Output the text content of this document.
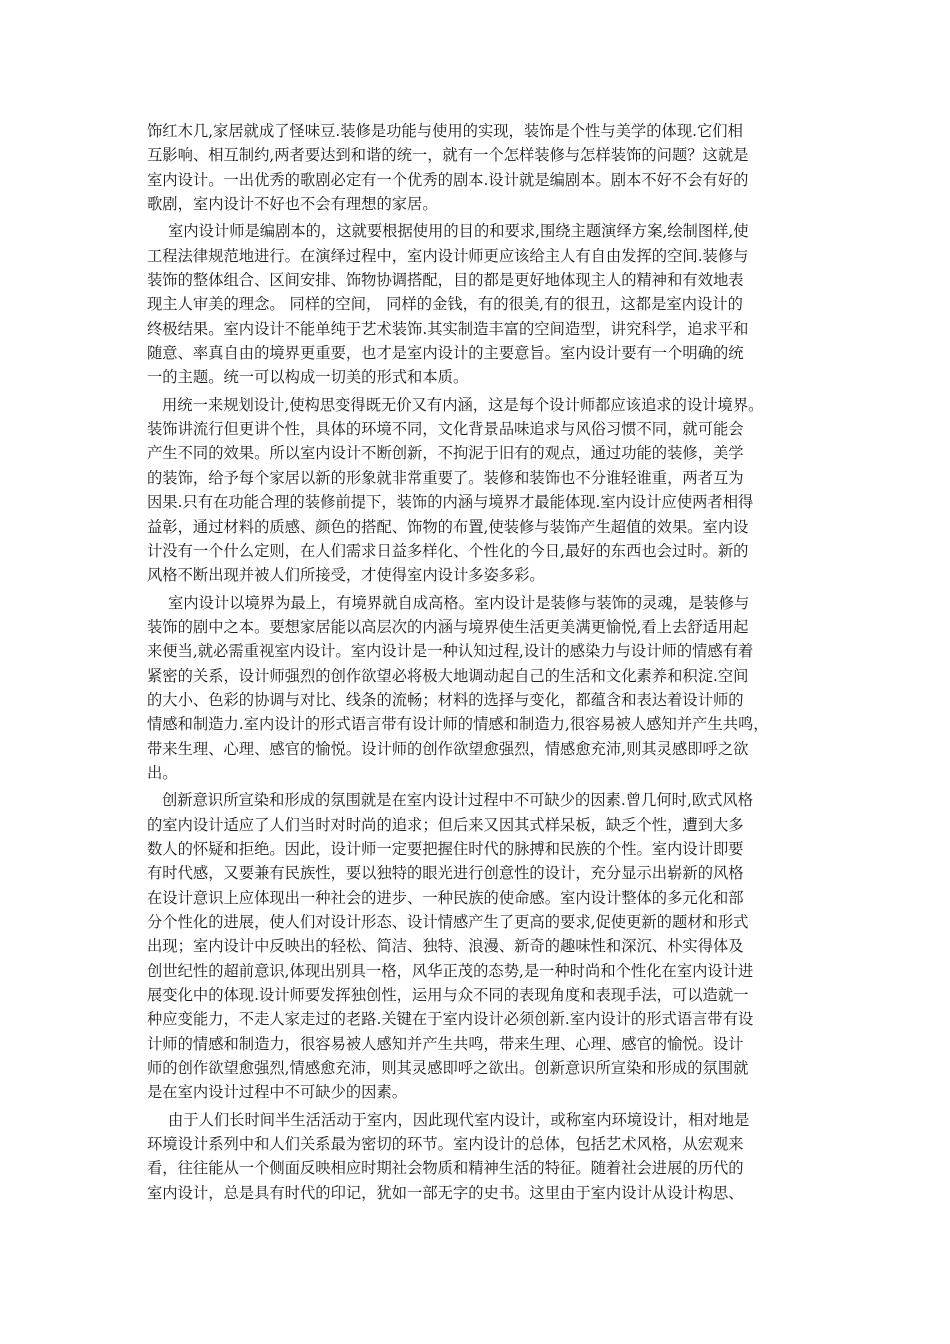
饰红木几,家居就成了怪味豆.装修是功能与使用的实现，装饰是个性与美学的体现.它们相
互影响、相互制约,两者要达到和谐的统一，就有一个怎样装修与怎样装饰的问题？这就是
室内设计。一出优秀的歌剧必定有一个优秀的剧本.设计就是编剧本。剧本不好不会有好的
歌剧，室内设计不好也不会有理想的家居。
室内设计师是编剧本的，这就要根据使用的目的和要求,围绕主题演绎方案,绘制图样,使
工程法律规范地进行。在演绎过程中，室内设计师更应该给主人有自由发挥的空间.装修与
装饰的整体组合、区间安排、饰物协调搭配，目的都是更好地体现主人的精神和有效地表
现主人审美的理念。 同样的空间， 同样的金钱，有的很美,有的很丑，这都是室内设计的
终极结果。室内设计不能单纯于艺术装饰.其实制造丰富的空间造型，讲究科学，追求平和
随意、率真自由的境界更重要，也才是室内设计的主要意旨。室内设计要有一个明确的统
一的主题。统一可以构成一切美的形式和本质。
用统一来规划设计,使构思变得既无价又有内涵，这是每个设计师都应该追求的设计境界。
装饰讲流行但更讲个性，具体的环境不同，文化背景品味追求与风俗习惯不同，就可能会
产生不同的效果。所以室内设计不断创新，不拘泥于旧有的观点，通过功能的装修，美学
的装饰，给予每个家居以新的形象就非常重要了。装修和装饰也不分谁轻谁重，两者互为
因果.只有在功能合理的装修前提下，装饰的内涵与境界才最能体现.室内设计应使两者相得
益彰，通过材料的质感、颜色的搭配、饰物的布置,使装修与装饰产生超值的效果。室内设
计没有一个什么定则，在人们需求日益多样化、个性化的今日,最好的东西也会过时。新的
风格不断出现并被人们所接受，才使得室内设计多姿多彩。
室内设计以境界为最上，有境界就自成高格。室内设计是装修与装饰的灵魂，是装修与
装饰的剧中之本。要想家居能以高层次的内涵与境界使生活更美满更愉悦,看上去舒适用起
来便当,就必需重视室内设计。室内设计是一种认知过程,设计的感染力与设计师的情感有着
紧密的关系，设计师强烈的创作欲望必将极大地调动起自己的生活和文化素养和积淀.空间
的大小、色彩的协调与对比、线条的流畅；材料的选择与变化，都蕴含和表达着设计师的
情感和制造力.室内设计的形式语言带有设计师的情感和制造力,很容易被人感知并产生共鸣，
带来生理、心理、感官的愉悦。设计师的创作欲望愈强烈，情感愈充沛,则其灵感即呼之欲
出。
创新意识所宣染和形成的氛围就是在室内设计过程中不可缺少的因素.曾几何时,欧式风格
的室内设计适应了人们当时对时尚的追求；但后来又因其式样呆板，缺乏个性，遭到大多
数人的怀疑和拒绝。因此，设计师一定要把握住时代的脉搏和民族的个性。室内设计即要
有时代感，又要兼有民族性，要以独特的眼光进行创意性的设计，充分显示出崭新的风格
在设计意识上应体现出一种社会的进步、一种民族的使命感。室内设计整体的多元化和部
分个性化的进展，使人们对设计形态、设计情感产生了更高的要求,促使更新的题材和形式
出现；室内设计中反映出的轻松、简洁、独特、浪漫、新奇的趣味性和深沉、朴实得体及
创世纪性的超前意识,体现出别具一格，风华正茂的态势,是一种时尚和个性化在室内设计进
展变化中的体现.设计师要发挥独创性，运用与众不同的表现角度和表现手法，可以造就一
种应变能力，不走人家走过的老路.关键在于室内设计必须创新.室内设计的形式语言带有设
计师的情感和制造力，很容易被人感知并产生共鸣，带来生理、心理、感官的愉悦。设计
师的创作欲望愈强烈,情感愈充沛，则其灵感即呼之欲出。创新意识所宣染和形成的氛围就
是在室内设计过程中不可缺少的因素。
由于人们长时间半生活活动于室内，因此现代室内设计，或称室内环境设计，相对地是
环境设计系列中和人们关系最为密切的环节。室内设计的总体，包括艺术风格，从宏观来
看，往往能从一个侧面反映相应时期社会物质和精神生活的特征。随着社会进展的历代的
室内设计，总是具有时代的印记，犹如一部无字的史书。这里由于室内设计从设计构思、
